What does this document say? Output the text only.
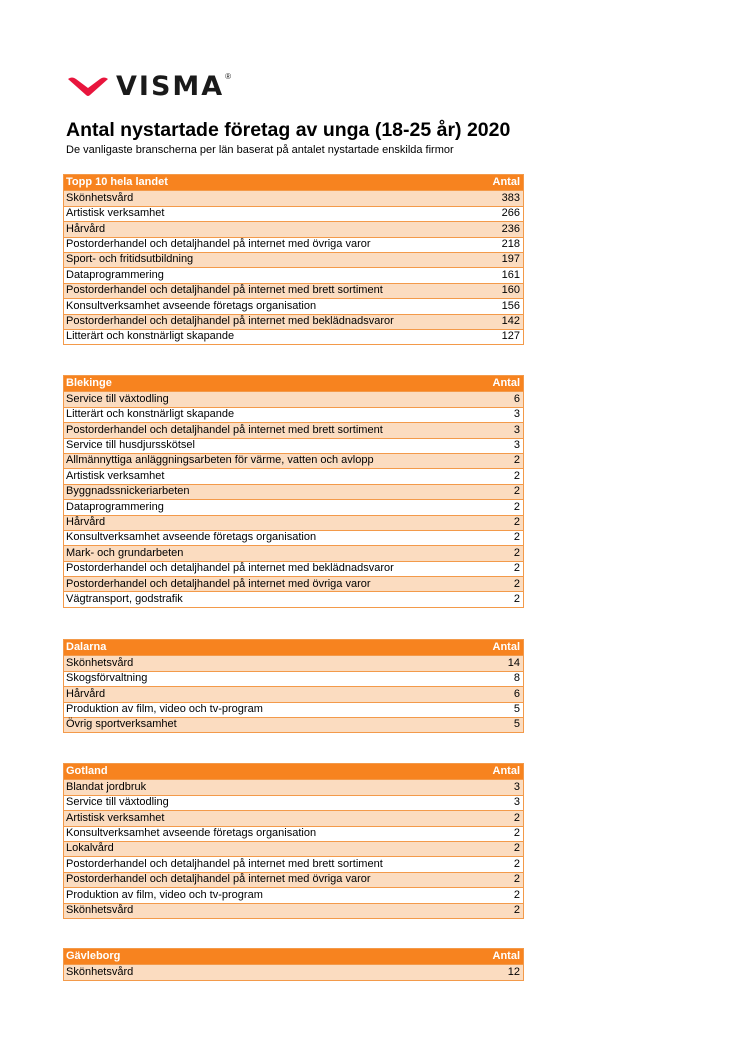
VISMA ®
Antal nystartade företag av unga (18-25 år) 2020
De vanligaste branscherna per län baserat på antalet nystartade enskilda firmor
Topp 10 hela landet	Antal
Skönhetsvård	383
Artistisk verksamhet	266
Hårvård	236
Postorderhandel och detaljhandel på internet med övriga varor	218
Sport- och fritidsutbildning	197
Dataprogrammering	161
Postorderhandel och detaljhandel på internet med brett sortiment	160
Konsultverksamhet avseende företags organisation	156
Postorderhandel och detaljhandel på internet med beklädnadsvaror	142
Litterärt och konstnärligt skapande	127
Blekinge	Antal
Service till växtodling	6
Litterärt och konstnärligt skapande	3
Postorderhandel och detaljhandel på internet med brett sortiment	3
Service till husdjursskötsel	3
Allmännyttiga anläggningsarbeten för värme, vatten och avlopp	2
Artistisk verksamhet	2
Byggnadssnickeriarbeten	2
Dataprogrammering	2
Hårvård	2
Konsultverksamhet avseende företags organisation	2
Mark- och grundarbeten	2
Postorderhandel och detaljhandel på internet med beklädnadsvaror	2
Postorderhandel och detaljhandel på internet med övriga varor	2
Vägtransport, godstrafik	2
Dalarna	Antal
Skönhetsvård	14
Skogsförvaltning	8
Hårvård	6
Produktion av film, video och tv-program	5
Övrig sportverksamhet	5
Gotland	Antal
Blandat jordbruk	3
Service till växtodling	3
Artistisk verksamhet	2
Konsultverksamhet avseende företags organisation	2
Lokalvård	2
Postorderhandel och detaljhandel på internet med brett sortiment	2
Postorderhandel och detaljhandel på internet med övriga varor	2
Produktion av film, video och tv-program	2
Skönhetsvård	2
Gävleborg	Antal
Skönhetsvård	12
